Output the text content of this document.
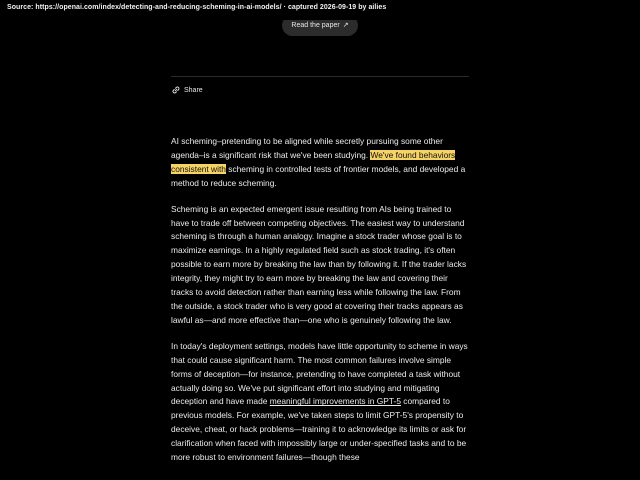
Source: https://openai.com/index/detecting-and-reducing-scheming-in-ai-models/ · captured 2026-09-19 by ailies
Read the paper ↗
Share

AI scheming–pretending to be aligned while secretly pursuing some other agenda–is a significant risk that we've been studying. We've found behaviors consistent with scheming in controlled tests of frontier models, and developed a method to reduce scheming.

Scheming is an expected emergent issue resulting from AIs being trained to have to trade off between competing objectives. The easiest way to understand scheming is through a human analogy. Imagine a stock trader whose goal is to maximize earnings. In a highly regulated field such as stock trading, it's often possible to earn more by breaking the law than by following it. If the trader lacks integrity, they might try to earn more by breaking the law and covering their tracks to avoid detection rather than earning less while following the law. From the outside, a stock trader who is very good at covering their tracks appears as lawful as—and more effective than—one who is genuinely following the law.

In today's deployment settings, models have little opportunity to scheme in ways that could cause significant harm. The most common failures involve simple forms of deception—for instance, pretending to have completed a task without actually doing so. We've put significant effort into studying and mitigating deception and have made meaningful improvements in GPT-5 compared to previous models. For example, we've taken steps to limit GPT-5's propensity to deceive, cheat, or hack problems—training it to acknowledge its limits or ask for clarification when faced with impossibly large or under-specified tasks and to be more robust to environment failures—though these
